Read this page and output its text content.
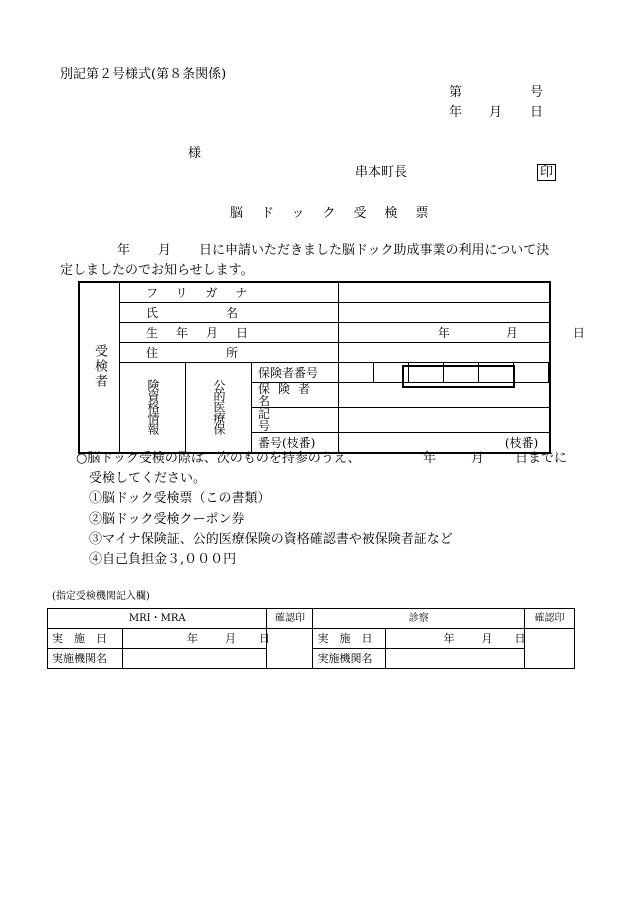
別記第２号様式(第８条関係)
第	号
年 月 日
様
串本町長	印
脳ドック受検票
年 月 日に申請いただきました脳ドック助成事業の利用について決
定しましたのでお知らせします。
受検者	フリガナ									
	氏名									
	生年月日			年 月 日						

	住所									
	険資格情報	公的医療保	保険者番号							
			保険者名							
			記号							
			番号(枝番)	(枝番)						
○脳ドック受検の際は、次のものを持参のうえ、	年	月 日までに
受検してください。
①脳ドック受検票（この書類）
②脳ドック受検クーポン券
③マイナ保険証、公的医療保険の資格確認書や被保険者証など
④自己負担金３,０００円
(指定受検機関記入欄)
MRI・MRA		確認印	診察		確認印
実施日	年 月 日		実施日	年 月 日	

実施機関名			実施機関名		
